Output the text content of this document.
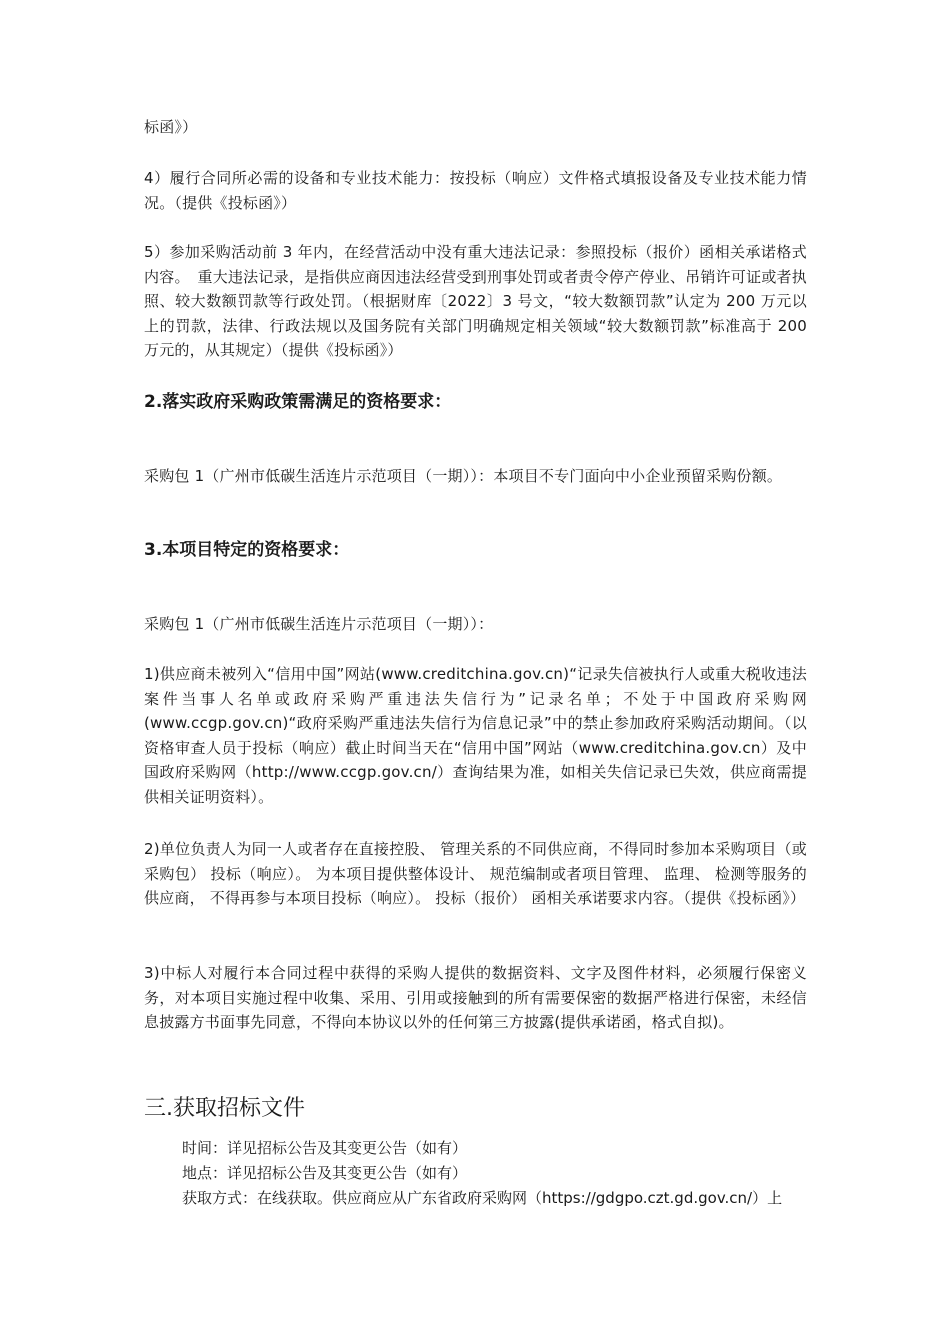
标函》）

4）履行合同所必需的设备和专业技术能力：按投标（响应）文件格式填报设备及专业技术能力情况。（提供《投标函》）

5）参加采购活动前 3 年内，在经营活动中没有重大违法记录：参照投标（报价）函相关承诺格式内容。　重大违法记录，是指供应商因违法经营受到刑事处罚或者责令停产停业、吊销许可证或者执照、较大数额罚款等行政处罚。（根据财库〔2022〕3 号文，“较大数额罚款”认定为 200 万元以上的罚款，法律、行政法规以及国务院有关部门明确规定相关领域“较大数额罚款”标准高于 200 万元的，从其规定）（提供《投标函》）

2.落实政府采购政策需满足的资格要求：

采购包 1（广州市低碳生活连片示范项目（一期））：本项目不专门面向中小企业预留采购份额。

3.本项目特定的资格要求：

采购包 1（广州市低碳生活连片示范项目（一期））：

1)供应商未被列入“信用中国”网站(www.creditchina.gov.cn)“记录失信被执行人或重大税收违法案件当事人名单或政府采购严重违法失信行为”记录名单；不处于中国政府采购网(www.ccgp.gov.cn)“政府采购严重违法失信行为信息记录”中的禁止参加政府采购活动期间。（以资格审查人员于投标（响应）截止时间当天在“信用中国”网站（www.creditchina.gov.cn）及中国政府采购网（http://www.ccgp.gov.cn/）查询结果为准，如相关失信记录已失效，供应商需提供相关证明资料）。

2)单位负责人为同一人或者存在直接控股、 管理关系的不同供应商，不得同时参加本采购项目（或采购包） 投标（响应）。 为本项目提供整体设计、 规范编制或者项目管理、 监理、 检测等服务的供应商， 不得再参与本项目投标（响应）。 投标（报价） 函相关承诺要求内容。（提供《投标函》）

3)中标人对履行本合同过程中获得的采购人提供的数据资料、文字及图件材料，必须履行保密义务，对本项目实施过程中收集、采用、引用或接触到的所有需要保密的数据严格进行保密，未经信息披露方书面事先同意，不得向本协议以外的任何第三方披露(提供承诺函，格式自拟)。

三.获取招标文件

时间：详见招标公告及其变更公告（如有）

地点：详见招标公告及其变更公告（如有）

获取方式：在线获取。供应商应从广东省政府采购网（https://gdgpo.czt.gd.gov.cn/）上
